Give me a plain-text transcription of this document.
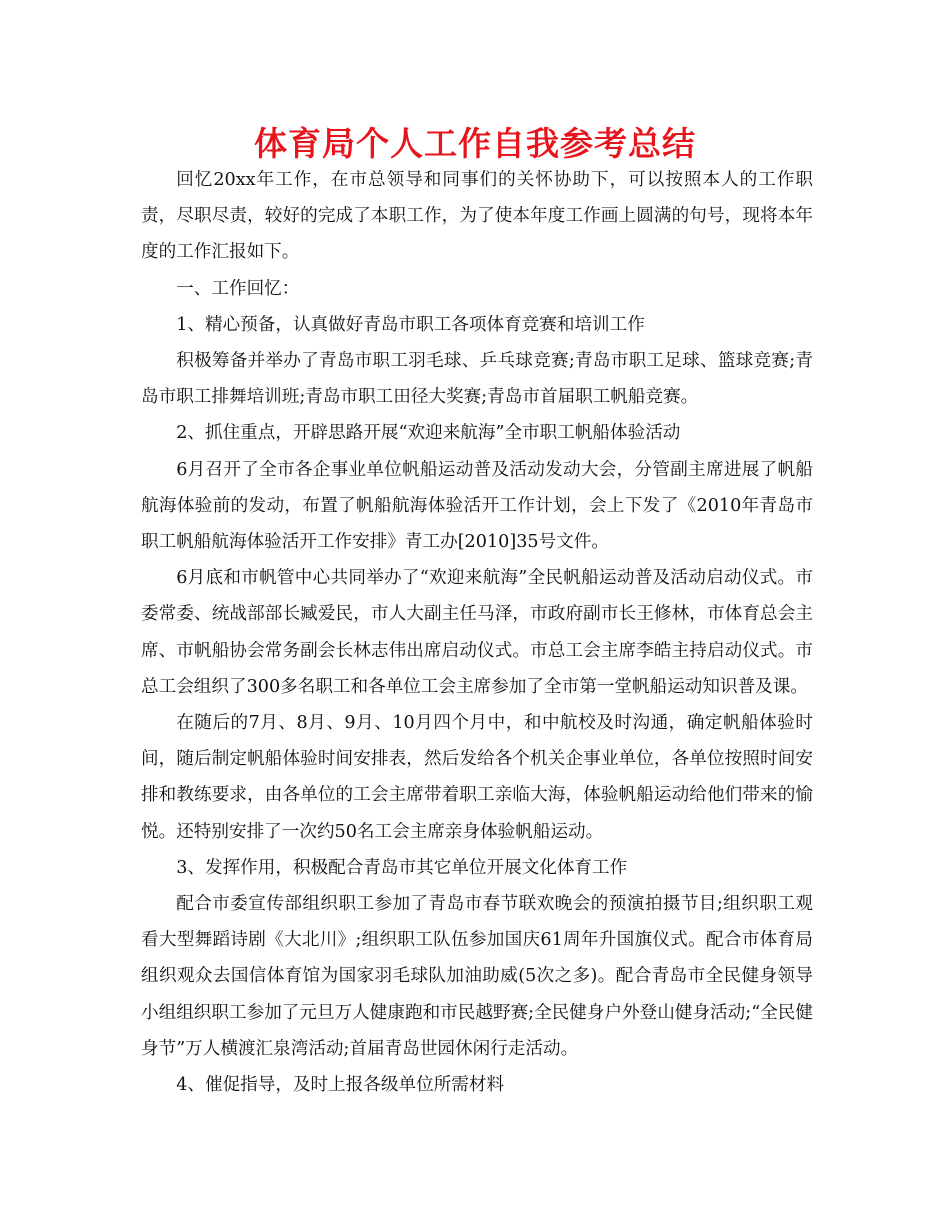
体育局个人工作自我参考总结

回忆20xx年工作，在市总领导和同事们的关怀协助下，可以按照本人的工作职责，尽职尽责，较好的完成了本职工作，为了使本年度工作画上圆满的句号，现将本年度的工作汇报如下。

一、工作回忆：

1、精心预备，认真做好青岛市职工各项体育竞赛和培训工作

积极筹备并举办了青岛市职工羽毛球、乒乓球竞赛;青岛市职工足球、篮球竞赛;青岛市职工排舞培训班;青岛市职工田径大奖赛;青岛市首届职工帆船竞赛。

2、抓住重点，开辟思路开展“欢迎来航海”全市职工帆船体验活动

6月召开了全市各企事业单位帆船运动普及活动发动大会，分管副主席进展了帆船航海体验前的发动，布置了帆船航海体验活开工作计划，会上下发了《2010年青岛市职工帆船航海体验活开工作安排》青工办[2010]35号文件。

6月底和市帆管中心共同举办了“欢迎来航海”全民帆船运动普及活动启动仪式。市委常委、统战部部长臧爱民，市人大副主任马泽，市政府副市长王修林，市体育总会主席、市帆船协会常务副会长林志伟出席启动仪式。市总工会主席李皓主持启动仪式。市总工会组织了300多名职工和各单位工会主席参加了全市第一堂帆船运动知识普及课。

在随后的7月、8月、9月、10月四个月中，和中航校及时沟通，确定帆船体验时间，随后制定帆船体验时间安排表，然后发给各个机关企事业单位，各单位按照时间安排和教练要求，由各单位的工会主席带着职工亲临大海，体验帆船运动给他们带来的愉悦。还特别安排了一次约50名工会主席亲身体验帆船运动。

3、发挥作用，积极配合青岛市其它单位开展文化体育工作

配合市委宣传部组织职工参加了青岛市春节联欢晚会的预演拍摄节目;组织职工观看大型舞蹈诗剧《大北川》;组织职工队伍参加国庆61周年升国旗仪式。配合市体育局组织观众去国信体育馆为国家羽毛球队加油助威(5次之多)。配合青岛市全民健身领导小组组织职工参加了元旦万人健康跑和市民越野赛;全民健身户外登山健身活动;“全民健身节”万人横渡汇泉湾活动;首届青岛世园休闲行走活动。

4、催促指导，及时上报各级单位所需材料
